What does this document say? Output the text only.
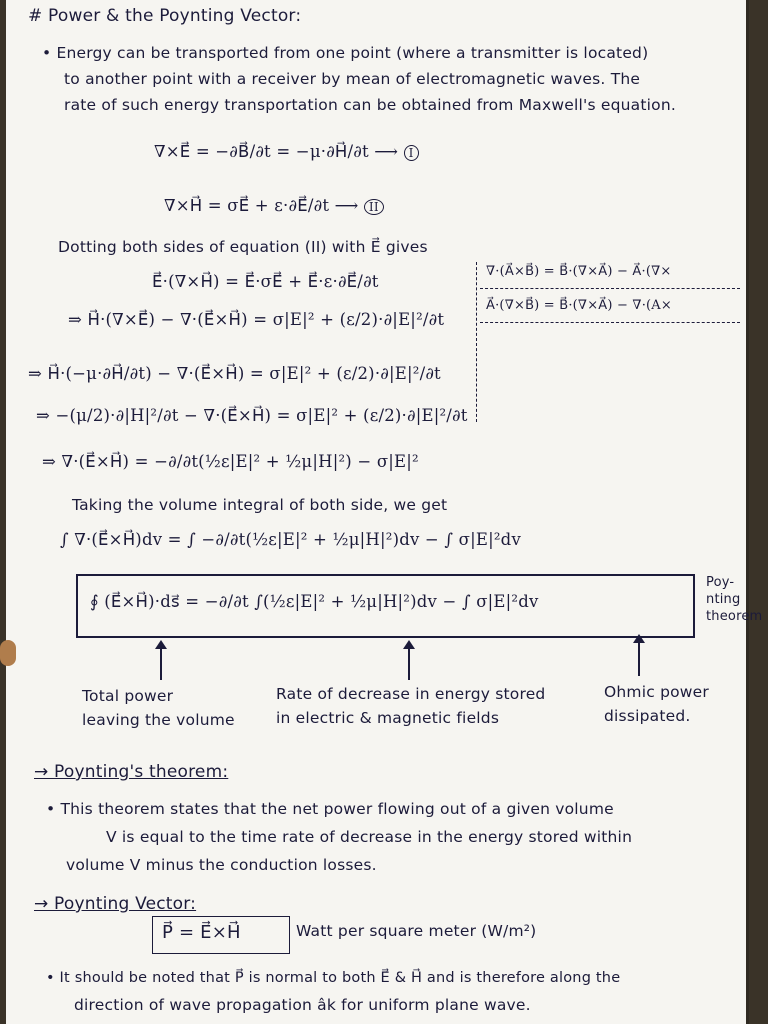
# Power & the Poynting Vector:
• Energy can be transported from one point (where a transmitter is located)
to another point with a receiver by mean of electromagnetic waves. The
rate of such energy transportation can be obtained from Maxwell's equation.
∇×E⃗ = −∂B⃗/∂t = −μ·∂H⃗/∂t ⟶ I
∇×H⃗ = σE⃗ + ε·∂E⃗/∂t ⟶ II
Dotting both sides of equation (II) with E⃗ gives
E⃗·(∇×H⃗) = E⃗·σE⃗ + E⃗·ε·∂E⃗/∂t
⇒ H⃗·(∇×E⃗) − ∇·(E⃗×H⃗) = σ|E|² + (ε/2)·∂|E|²/∂t
∇·(A⃗×B⃗) = B⃗·(∇×A⃗) − A⃗·(∇×
A⃗·(∇×B⃗) = B⃗·(∇×A⃗) − ∇·(A×
⇒ H⃗·(−μ·∂H⃗/∂t) − ∇·(E⃗×H⃗) = σ|E|² + (ε/2)·∂|E|²/∂t
⇒ −(μ/2)·∂|H|²/∂t − ∇·(E⃗×H⃗) = σ|E|² + (ε/2)·∂|E|²/∂t
⇒ ∇·(E⃗×H⃗) = −∂/∂t(½ε|E|² + ½μ|H|²) − σ|E|²
Taking the volume integral of both side, we get
∫ ∇·(E⃗×H⃗)dv = ∫ −∂/∂t(½ε|E|² + ½μ|H|²)dv − ∫ σ|E|²dv
∮ (E⃗×H⃗)·ds⃗ = −∂/∂t ∫(½ε|E|² + ½μ|H|²)dv − ∫ σ|E|²dv
Poy-
nting
theorem
Total power
leaving the volume
Rate of decrease in energy stored
in electric & magnetic fields
Ohmic power
dissipated.
→ Poynting's theorem:
• This theorem states that the net power flowing out of a given volume
V is equal to the time rate of decrease in the energy stored within
volume V minus the conduction losses.
→ Poynting Vector:
P⃗ = E⃗×H⃗	Watt per square meter (W/m²)
• It should be noted that P⃗ is normal to both E⃗ & H⃗ and is therefore along the
direction of wave propagation âk for uniform plane wave.
